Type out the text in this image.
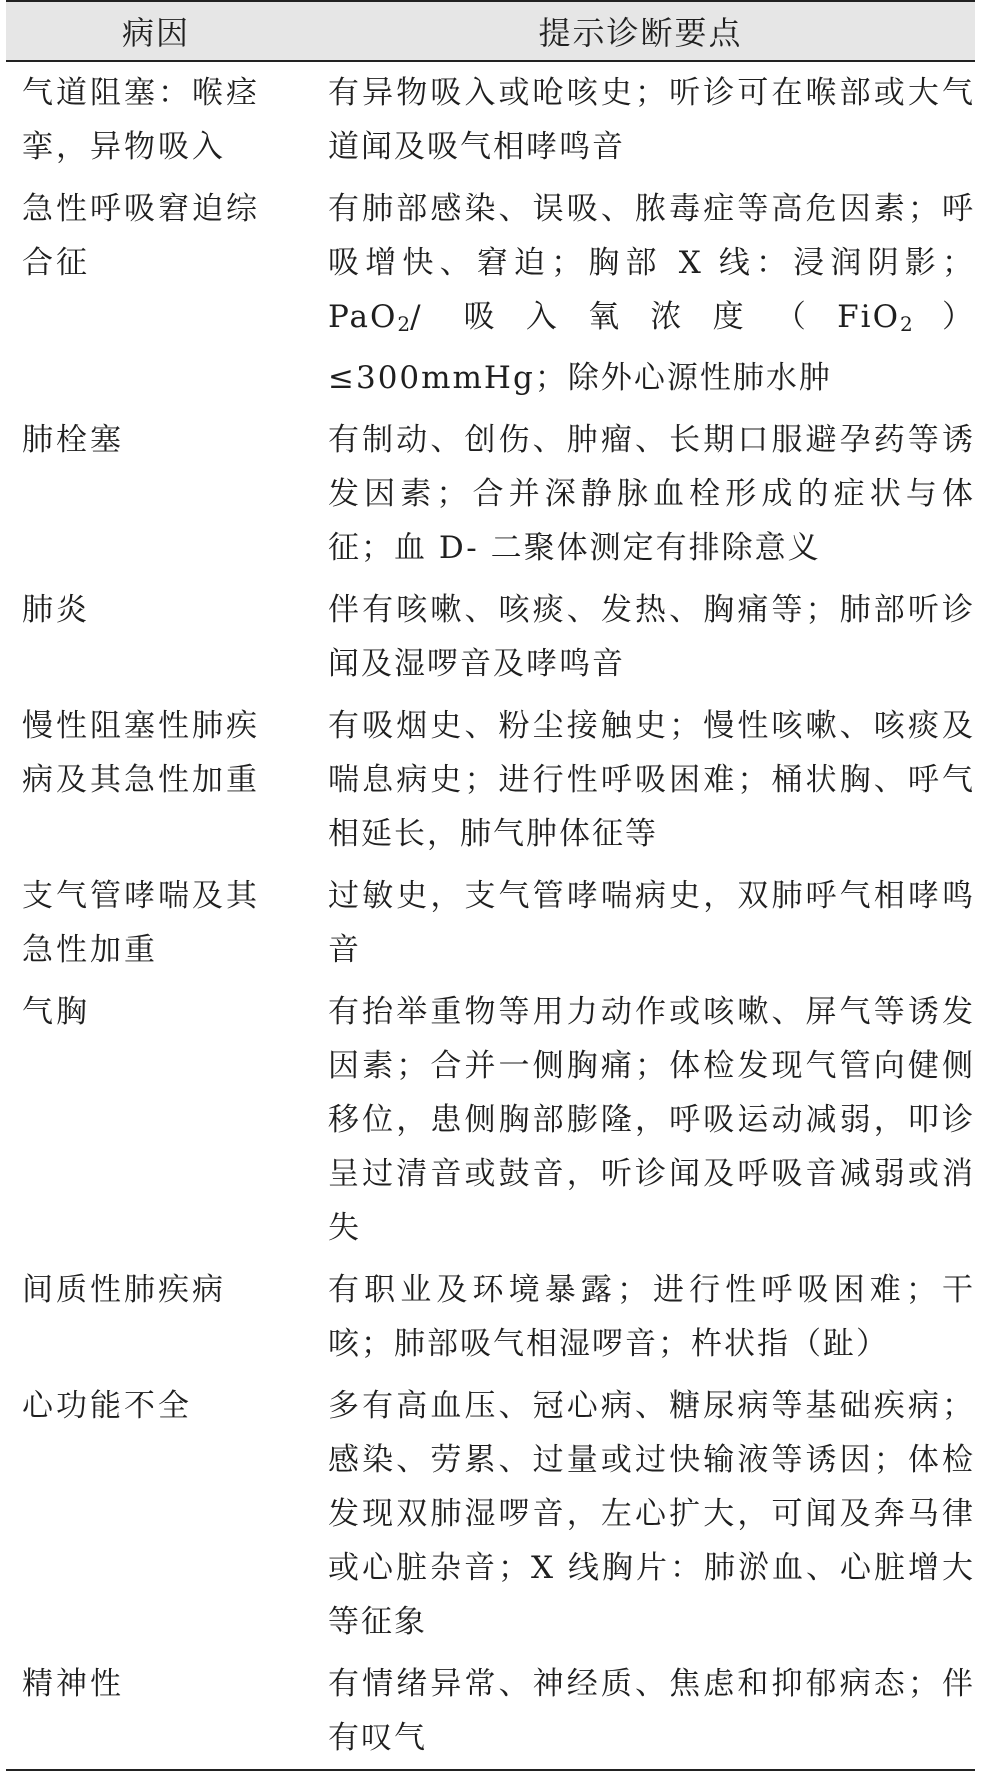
病因	提示诊断要点
气道阻塞：喉痉挛，异物吸入	有异物吸入或呛咳史；听诊可在喉部或大气道闻及吸气相哮鸣音
急性呼吸窘迫综合征	有肺部感染、误吸、脓毒症等高危因素；呼吸增快、窘迫；胸部 X 线：浸润阴影；PaO$_2$/ 吸入氧浓度（FiO$_2$）≤300mmHg；除外心源性肺水肿
肺栓塞	有制动、创伤、肿瘤、长期口服避孕药等诱发因素；合并深静脉血栓形成的症状与体征；血 D- 二聚体测定有排除意义
肺炎	伴有咳嗽、咳痰、发热、胸痛等；肺部听诊闻及湿啰音及哮鸣音
慢性阻塞性肺疾病及其急性加重	有吸烟史、粉尘接触史；慢性咳嗽、咳痰及喘息病史；进行性呼吸困难；桶状胸、呼气相延长，肺气肿体征等
支气管哮喘及其急性加重	过敏史，支气管哮喘病史，双肺呼气相哮鸣音
气胸	有抬举重物等用力动作或咳嗽、屏气等诱发因素；合并一侧胸痛；体检发现气管向健侧移位，患侧胸部膨隆，呼吸运动减弱，叩诊呈过清音或鼓音，听诊闻及呼吸音减弱或消失
间质性肺疾病	有职业及环境暴露；进行性呼吸困难；干咳；肺部吸气相湿啰音；杵状指（趾）
心功能不全	多有高血压、冠心病、糖尿病等基础疾病；感染、劳累、过量或过快输液等诱因；体检发现双肺湿啰音，左心扩大，可闻及奔马律或心脏杂音；X 线胸片：肺淤血、心脏增大等征象
精神性	有情绪异常、神经质、焦虑和抑郁病态；伴有叹气
